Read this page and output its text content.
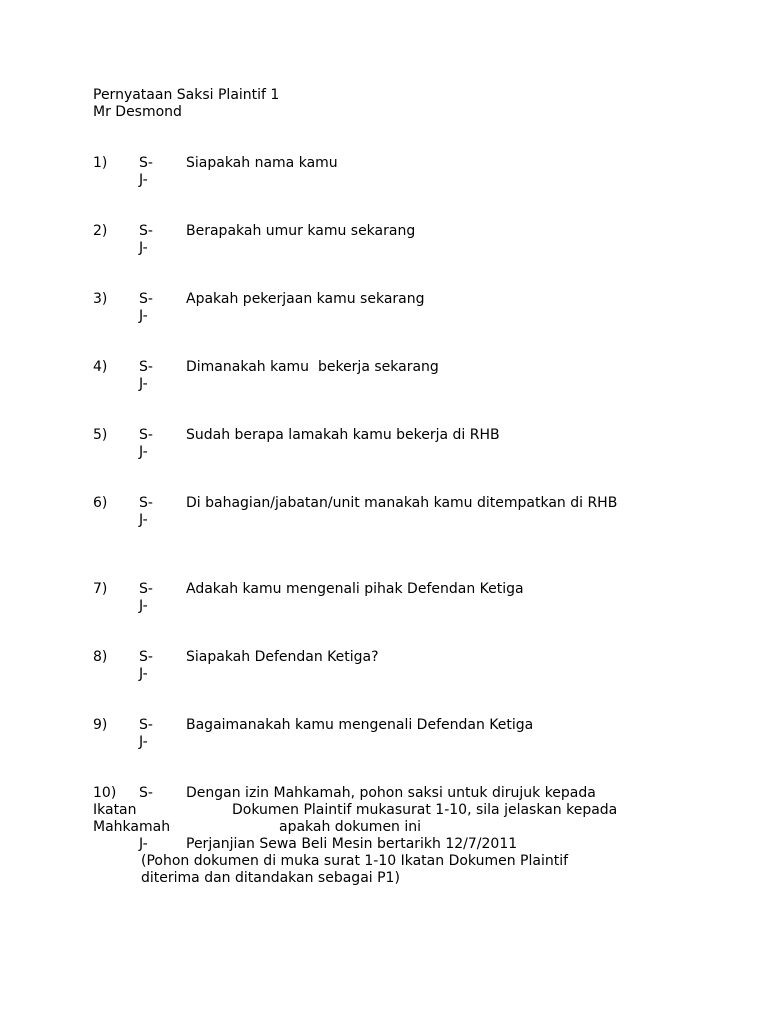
Pernyataan Saksi Plaintif 1
Mr Desmond
1) S- Siapakah nama kamu
J-
2) S- Berapakah umur kamu sekarang
J-
3) S- Apakah pekerjaan kamu sekarang
J-
4) S- Dimanakah kamu  bekerja sekarang
J-
5) S- Sudah berapa lamakah kamu bekerja di RHB
J-
6) S- Di bahagian/jabatan/unit manakah kamu ditempatkan di RHB
J-
7) S- Adakah kamu mengenali pihak Defendan Ketiga
J-
8) S- Siapakah Defendan Ketiga?
J-
9) S- Bagaimanakah kamu mengenali Defendan Ketiga
J-
10) S- Dengan izin Mahkamah, pohon saksi untuk dirujuk kepada
Ikatan	Dokumen Plaintif mukasurat 1-10, sila jelaskan kepada
Mahkamah	apakah dokumen ini
J-	Perjanjian Sewa Beli Mesin bertarikh 12/7/2011
(Pohon dokumen di muka surat 1-10 Ikatan Dokumen Plaintif
diterima dan ditandakan sebagai P1)
